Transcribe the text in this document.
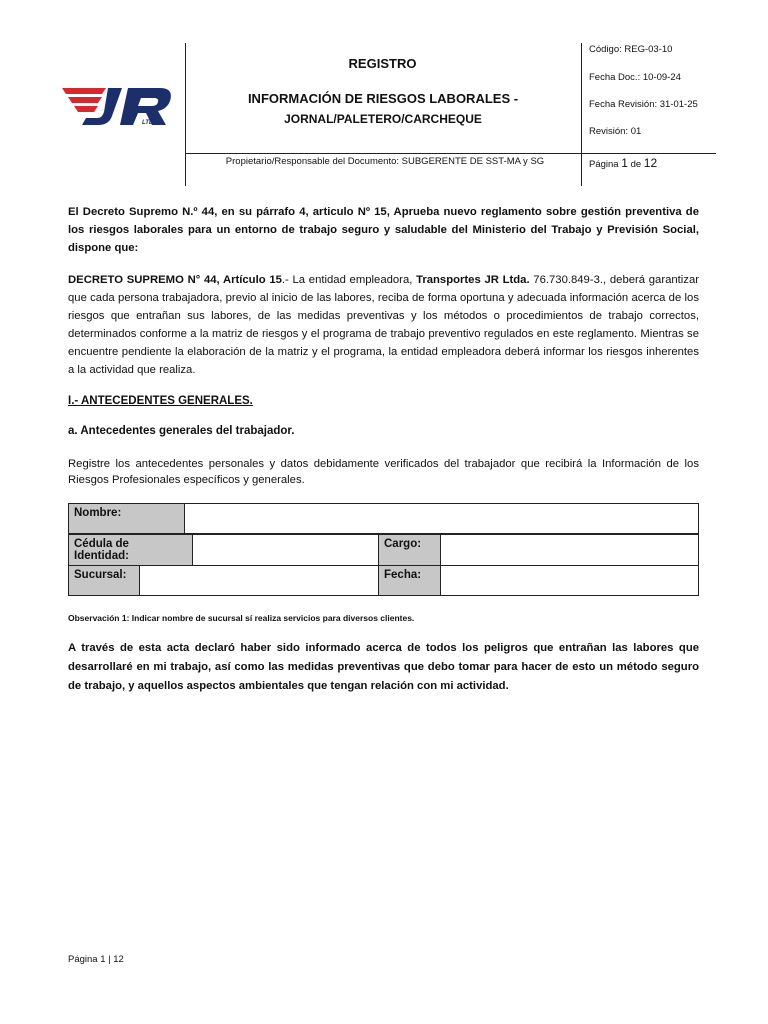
LTDA.
REGISTRO
INFORMACIÓN DE RIESGOS LABORALES -
JORNAL/PALETERO/CARCHEQUE
Propietario/Responsable del Documento: SUBGERENTE DE SST-MA y SG
Código: REG-03-10
Fecha Doc.: 10-09-24
Fecha Revisión: 31-01-25
Revisión: 01
Página 1 de 12
El Decreto Supremo N.º 44, en su párrafo 4, articulo Nº 15, Aprueba nuevo reglamento sobre gestión preventiva de los riesgos laborales para un entorno de trabajo seguro y saludable del Ministerio del Trabajo y Previsión Social, dispone que:
DECRETO SUPREMO N° 44, Artículo 15.- La entidad empleadora, Transportes JR Ltda. 76.730.849-3., deberá garantizar que cada persona trabajadora, previo al inicio de las labores, reciba de forma oportuna y adecuada información acerca de los riesgos que entrañan sus labores, de las medidas preventivas y los métodos o procedimientos de trabajo correctos, determinados conforme a la matriz de riesgos y el programa de trabajo preventivo regulados en este reglamento. Mientras se encuentre pendiente la elaboración de la matriz y el programa, la entidad empleadora deberá informar los riesgos inherentes a la actividad que realiza.
I.- ANTECEDENTES GENERALES.
a. Antecedentes generales del trabajador.
Registre los antecedentes personales y datos debidamente verificados del trabajador que recibirá la Información de los Riesgos Profesionales específicos y generales.
Nombre:	
Cédula de Identidad:		Cargo:	
Sucursal:		Fecha:	
Observación 1: Indicar nombre de sucursal sí realiza servicios para diversos clientes.
A través de esta acta declaró haber sido informado acerca de todos los peligros que entrañan las labores que desarrollaré en mi trabajo, así como las medidas preventivas que debo tomar para hacer de esto un método seguro de trabajo, y aquellos aspectos ambientales que tengan relación con mi actividad.
Página 1 | 12
